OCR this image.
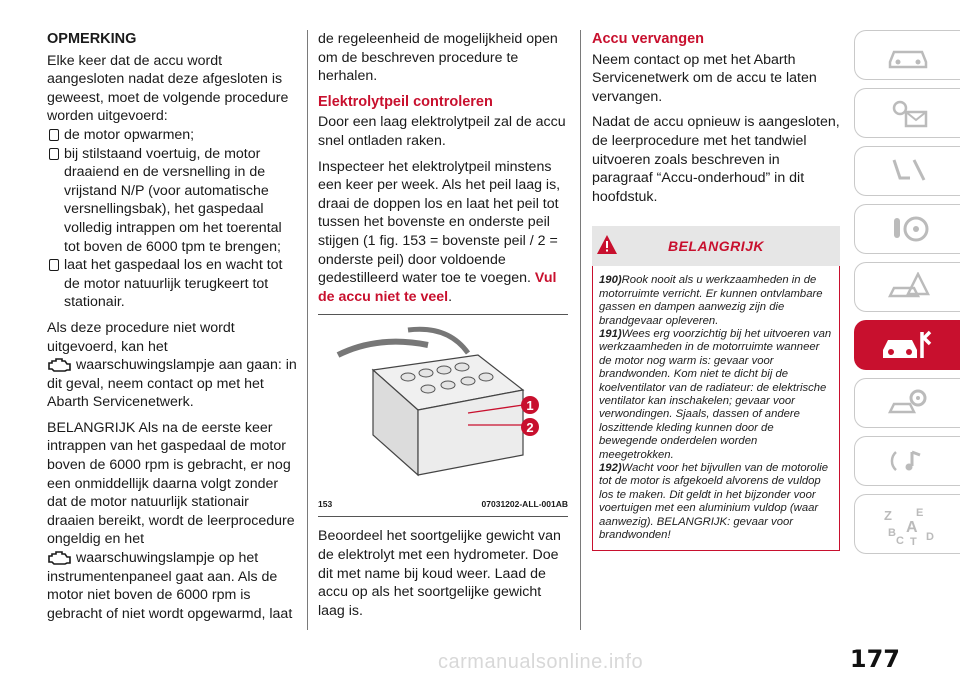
OPMERKING

Elke keer dat de accu wordt aangesloten nadat deze afgesloten is geweest, moet de volgende procedure worden uitgevoerd:

de motor opwarmen;
bij stilstaand voertuig, de motor draaiend en de versnelling in de vrijstand N/P (voor automatische versnellingsbak), het gaspedaal volledig intrappen om het toerental tot boven de 6000 tpm te brengen;
laat het gaspedaal los en wacht tot de motor natuurlijk terugkeert tot stationair.

Als deze procedure niet wordt uitgevoerd, kan het
waarschuwingslampje aan gaan: in dit geval, neem contact op met het Abarth Servicenetwerk.

BELANGRIJK Als na de eerste keer intrappen van het gaspedaal de motor boven de 6000 rpm is gebracht, er nog een onmiddellijk daarna volgt zonder dat de motor natuurlijk stationair draaien bereikt, wordt de leerprocedure ongeldig en het
waarschuwingslampje op het instrumentenpaneel gaat aan. Als de motor niet boven de 6000 rpm is gebracht of niet wordt opgewarmd, laat

de regeleenheid de mogelijkheid open om de beschreven procedure te herhalen.

Elektrolytpeil controleren

Door een laag elektrolytpeil zal de accu snel ontladen raken.

Inspecteer het elektrolytpeil minstens een keer per week. Als het peil laag is, draai de doppen los en laat het peil tot tussen het bovenste en onderste peil stijgen (1 fig. 153 = bovenste peil / 2 = onderste peil) door voldoende gedestilleerd water toe te voegen. Vul de accu niet te veel.

1
2
153	07031202-ALL-001AB

Beoordeel het soortgelijke gewicht van de elektrolyt met een hydrometer. Doe dit met name bij koud weer. Laad de accu op als het soortgelijke gewicht laag is.

Accu vervangen

Neem contact op met het Abarth Servicenetwerk om de accu te laten vervangen.

Nadat de accu opnieuw is aangesloten, de leerprocedure met het tandwiel uitvoeren zoals beschreven in paragraaf “Accu-onderhoud” in dit hoofdstuk.

BELANGRIJK
190)Rook nooit als u werkzaamheden in de motorruimte verricht. Er kunnen ontvlambare gassen en dampen aanwezig zijn die brandgevaar opleveren.
191)Wees erg voorzichtig bij het uitvoeren van werkzaamheden in de motorruimte wanneer de motor nog warm is: gevaar voor brandwonden. Kom niet te dicht bij de koelventilator van de radiateur: de elektrische ventilator kan inschakelen; gevaar voor verwondingen. Sjaals, dassen of andere loszittende kleding kunnen door de bewegende onderdelen worden meegetrokken.
192)Wacht voor het bijvullen van de motorolie tot de motor is afgekoeld alvorens de vuldop los te maken. Dit geldt in het bijzonder voor voertuigen met een aluminium vuldop (waar aanwezig). BELANGRIJK: gevaar voor brandwonden!
Z E
A
B
C T D
177
carmanualsonline.info
